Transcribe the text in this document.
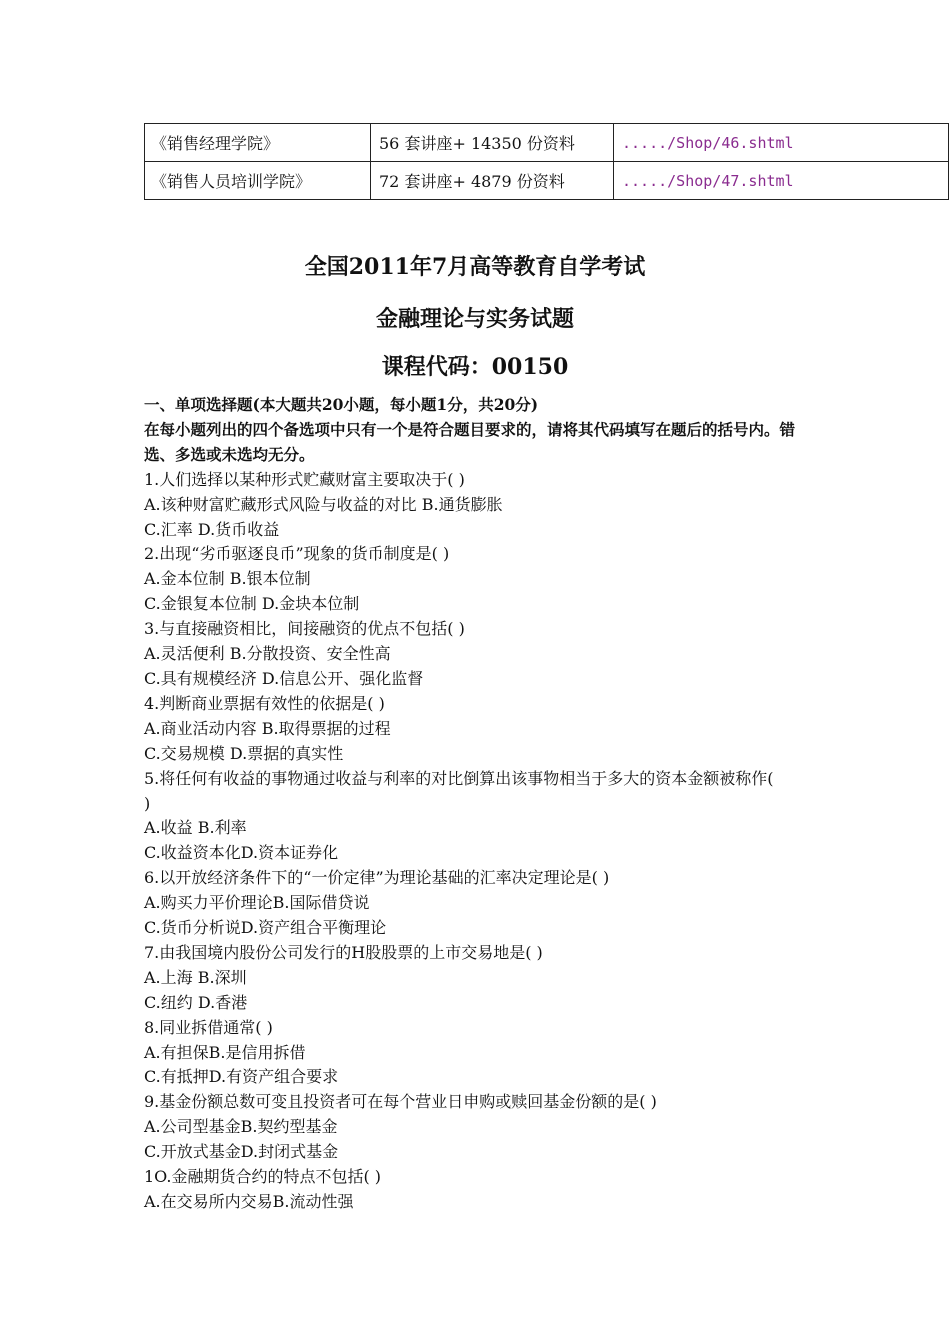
《销售经理学院》	56 套讲座+ 14350 份资料	...../Shop/46.shtml
《销售人员培训学院》	72 套讲座+ 4879 份资料	...../Shop/47.shtml
全国2011年7月高等教育自学考试
金融理论与实务试题
课程代码：00150

一、单项选择题(本大题共20小题，每小题1分，共20分)

在每小题列出的四个备选项中只有一个是符合题目要求的，请将其代码填写在题后的括号内。错选、多选或未选均无分。

1.人们选择以某种形式贮藏财富主要取决于( )

A.该种财富贮藏形式风险与收益的对比 B.通货膨胀

C.汇率 D.货币收益

2.出现“劣币驱逐良币”现象的货币制度是( )

A.金本位制 B.银本位制

C.金银复本位制 D.金块本位制

3.与直接融资相比，间接融资的优点不包括( )

A.灵活便利 B.分散投资、安全性高

C.具有规模经济 D.信息公开、强化监督

4.判断商业票据有效性的依据是( )

A.商业活动内容 B.取得票据的过程

C.交易规模 D.票据的真实性

5.将任何有收益的事物通过收益与利率的对比倒算出该事物相当于多大的资本金额被称作(

)

A.收益 B.利率

C.收益资本化D.资本证券化

6.以开放经济条件下的“一价定律”为理论基础的汇率决定理论是( )

A.购买力平价理论B.国际借贷说

C.货币分析说D.资产组合平衡理论

7.由我国境内股份公司发行的H股股票的上市交易地是( )

A.上海 B.深圳

C.纽约 D.香港

8.同业拆借通常( )

A.有担保B.是信用拆借

C.有抵押D.有资产组合要求

9.基金份额总数可变且投资者可在每个营业日申购或赎回基金份额的是( )

A.公司型基金B.契约型基金

C.开放式基金D.封闭式基金

1O.金融期货合约的特点不包括( )

A.在交易所内交易B.流动性强
